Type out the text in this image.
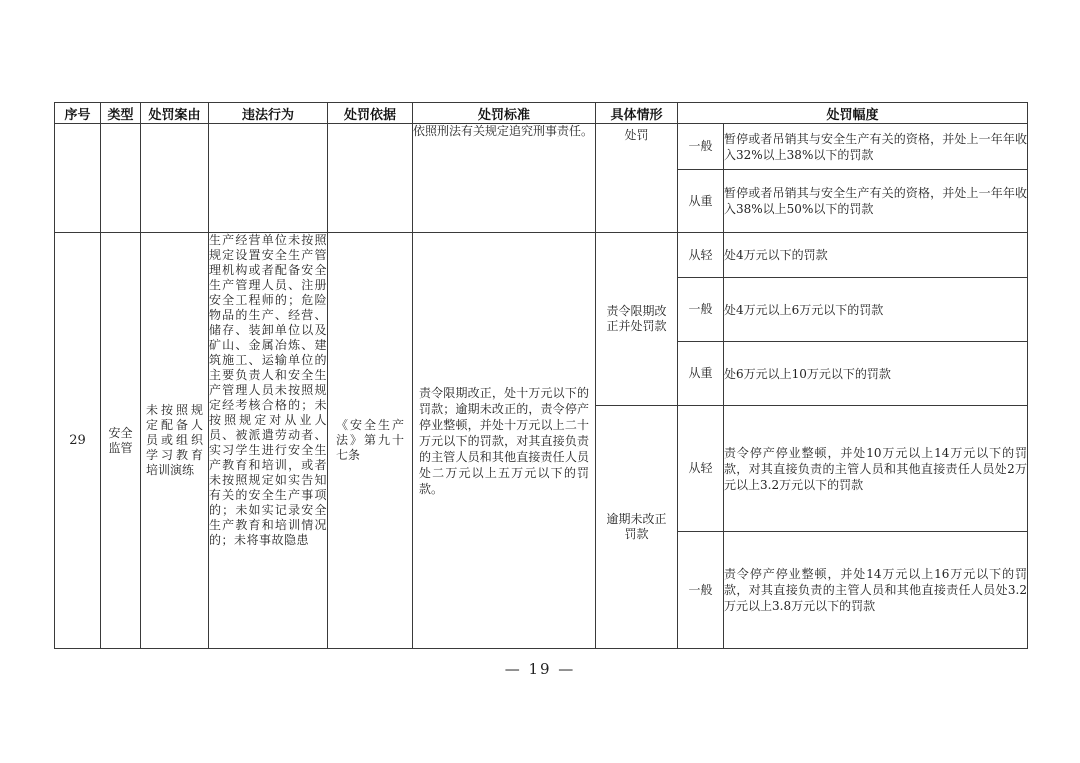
序号	类型	处罚案由	违法行为	处罚依据	处罚标准	具体情形	处罚幅度	
					依照刑法有关规定追究刑事责任。	处罚	一般	暂停或者吊销其与安全生产有关的资格，并处上一年年收入32%以上38%以下的罚款
							从重	暂停或者吊销其与安全生产有关的资格，并处上一年年收入38%以上50%以下的罚款
29	安全监管	未按照规定配备人员或组织学习教育培训演练	生产经营单位未按照规定设置安全生产管理机构或者配备安全生产管理人员、注册安全工程师的；危险物品的生产、经营、储存、装卸单位以及矿山、金属冶炼、建筑施工、运输单位的主要负责人和安全生产管理人员未按照规定经考核合格的；未按照规定对从业人员、被派遣劳动者、实习学生进行安全生产教育和培训，或者未按照规定如实告知有关的安全生产事项的；未如实记录安全生产教育和培训情况的；未将事故隐患	《安全生产法》第九十七条	责令限期改正，处十万元以下的罚款；逾期未改正的，责令停产停业整顿，并处十万元以上二十万元以下的罚款，对其直接负责的主管人员和其他直接责任人员处二万元以上五万元以下的罚款。	责令限期改正并处罚款	从轻	处4万元以下的罚款
							一般	处4万元以上6万元以下的罚款
							从重	处6万元以上10万元以下的罚款
						逾期未改正罚款	从轻	责令停产停业整顿，并处10万元以上14万元以下的罚款，对其直接负责的主管人员和其他直接责任人员处2万元以上3.2万元以下的罚款
							一般	责令停产停业整顿，并处14万元以上16万元以下的罚款，对其直接负责的主管人员和其他直接责任人员处3.2万元以上3.8万元以下的罚款
— 19 —
